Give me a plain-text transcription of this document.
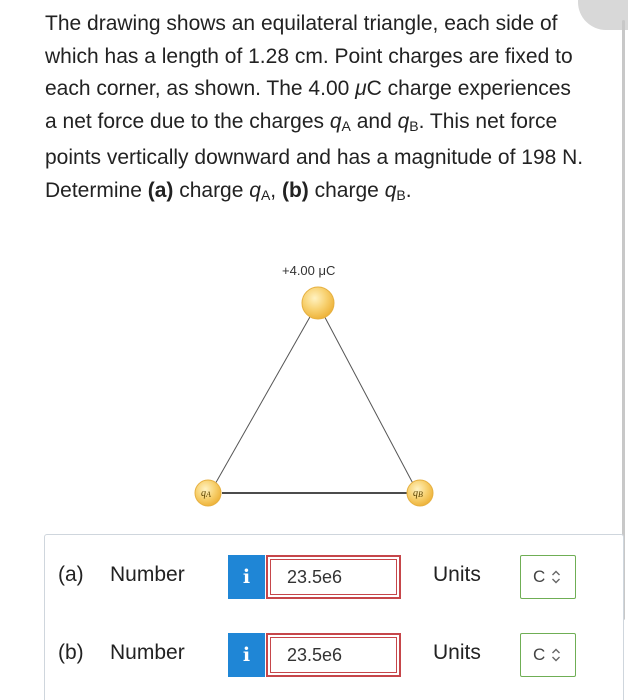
The drawing shows an equilateral triangle, each side of which has a length of 1.28 cm. Point charges are fixed to each corner, as shown. The 4.00 μC charge experiences a net force due to the charges $q_A$ and $q_B$. This net force points vertically downward and has a magnitude of 198 N. Determine (a) charge $q_A$, (b) charge $q_B$.

+4.00 μC
qA	qB
(a) Number	i	23.5e6	Units	C
(b) Number	i	23.5e6	Units	C
